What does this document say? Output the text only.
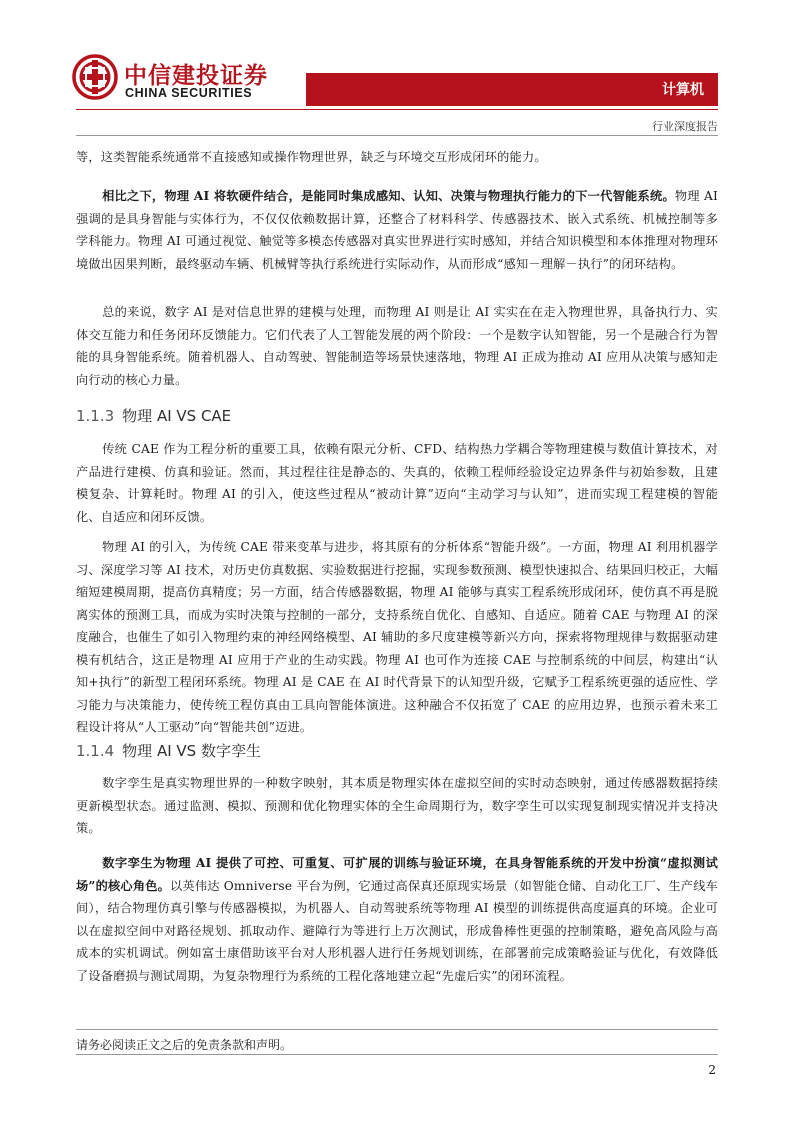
中信建投证券
CHINA SECURITIES	计算机
行业深度报告
等，这类智能系统通常不直接感知或操作物理世界，缺乏与环境交互形成闭环的能力。
相比之下，物理 AI 将软硬件结合，是能同时集成感知、认知、决策与物理执行能力的下一代智能系统。物理 AI 强调的是具身智能与实体行为，不仅仅依赖数据计算，还整合了材料科学、传感器技术、嵌入式系统、机械控制等多学科能力。物理 AI 可通过视觉、触觉等多模态传感器对真实世界进行实时感知，并结合知识模型和本体推理对物理环境做出因果判断，最终驱动车辆、机械臂等执行系统进行实际动作，从而形成“感知－理解－执行”的闭环结构。
总的来说，数字 AI 是对信息世界的建模与处理，而物理 AI 则是让 AI 实实在在走入物理世界，具备执行力、实体交互能力和任务闭环反馈能力。它们代表了人工智能发展的两个阶段：一个是数字认知智能，另一个是融合行为智能的具身智能系统。随着机器人、自动驾驶、智能制造等场景快速落地，物理 AI 正成为推动 AI 应用从决策与感知走向行动的核心力量。
1.1.3 物理 AI VS CAE
传统 CAE 作为工程分析的重要工具，依赖有限元分析、CFD、结构热力学耦合等物理建模与数值计算技术，对产品进行建模、仿真和验证。然而，其过程往往是静态的、失真的，依赖工程师经验设定边界条件与初始参数，且建模复杂、计算耗时。物理 AI 的引入，使这些过程从“被动计算”迈向“主动学习与认知”，进而实现工程建模的智能化、自适应和闭环反馈。
物理 AI 的引入，为传统 CAE 带来变革与进步，将其原有的分析体系“智能升级”。一方面，物理 AI 利用机器学习、深度学习等 AI 技术，对历史仿真数据、实验数据进行挖掘，实现参数预测、模型快速拟合、结果回归校正，大幅缩短建模周期，提高仿真精度；另一方面，结合传感器数据，物理 AI 能够与真实工程系统形成闭环，使仿真不再是脱离实体的预测工具，而成为实时决策与控制的一部分，支持系统自优化、自感知、自适应。随着 CAE 与物理 AI 的深度融合，也催生了如引入物理约束的神经网络模型、AI 辅助的多尺度建模等新兴方向，探索将物理规律与数据驱动建模有机结合，这正是物理 AI 应用于产业的生动实践。物理 AI 也可作为连接 CAE 与控制系统的中间层，构建出“认知+执行”的新型工程闭环系统。物理 AI 是 CAE 在 AI 时代背景下的认知型升级，它赋予工程系统更强的适应性、学习能力与决策能力，使传统工程仿真由工具向智能体演进。这种融合不仅拓宽了 CAE 的应用边界，也预示着未来工程设计将从“人工驱动”向“智能共创”迈进。
1.1.4 物理 AI VS 数字孪生
数字孪生是真实物理世界的一种数字映射，其本质是物理实体在虚拟空间的实时动态映射，通过传感器数据持续更新模型状态。通过监测、模拟、预测和优化物理实体的全生命周期行为，数字孪生可以实现复制现实情况并支持决策。
数字孪生为物理 AI 提供了可控、可重复、可扩展的训练与验证环境，在具身智能系统的开发中扮演“虚拟测试场”的核心角色。以英伟达 Omniverse 平台为例，它通过高保真还原现实场景（如智能仓储、自动化工厂、生产线车间），结合物理仿真引擎与传感器模拟，为机器人、自动驾驶系统等物理 AI 模型的训练提供高度逼真的环境。企业可以在虚拟空间中对路径规划、抓取动作、避障行为等进行上万次测试，形成鲁棒性更强的控制策略，避免高风险与高成本的实机调试。例如富士康借助该平台对人形机器人进行任务规划训练，在部署前完成策略验证与优化，有效降低了设备磨损与测试周期，为复杂物理行为系统的工程化落地建立起“先虚后实”的闭环流程。
请务必阅读正文之后的免责条款和声明。
2
